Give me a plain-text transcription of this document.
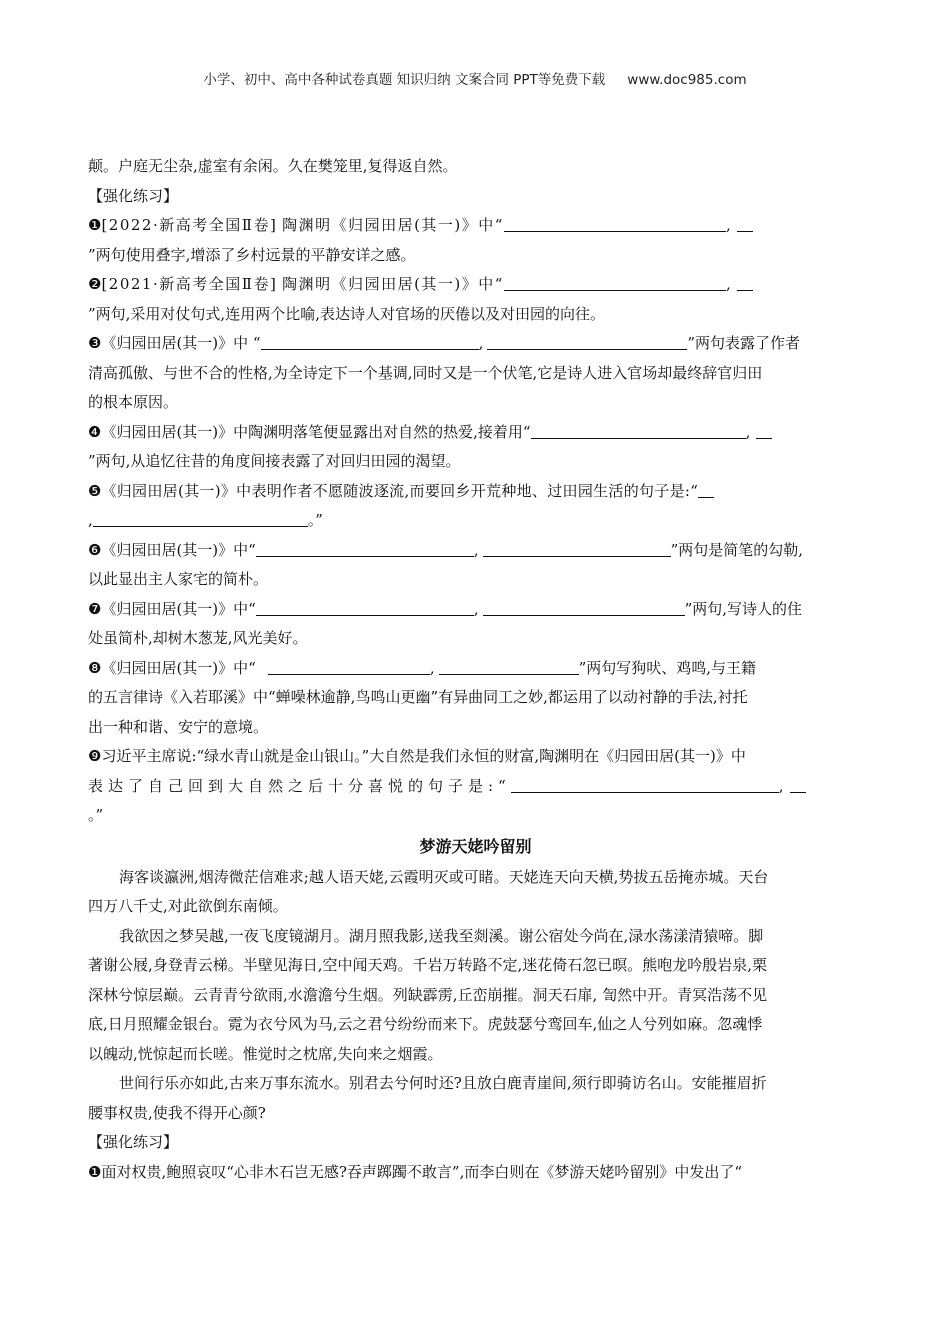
小学、初中、高中各种试卷真题 知识归纳 文案合同 PPT等免费下载 www.doc985.com
颠。户庭无尘杂,虚室有余闲。久在樊笼里,复得返自然。
【强化练习】
❶[2022·新高考全国Ⅱ卷] 陶渊明《归园田居(其一)》中“	,
”两句使用叠字,增添了乡村远景的平静安详之感。
❷[2021·新高考全国Ⅱ卷] 陶渊明《归园田居(其一)》中“	,
”两句,采用对仗句式,连用两个比喻,表达诗人对官场的厌倦以及对田园的向往。
❸《归园田居(其一)》中 “	,	”两句表露了作者
清高孤傲、与世不合的性格,为全诗定下一个基调,同时又是一个伏笔,它是诗人进入官场却最终辞官归田
的根本原因。
❹《归园田居(其一)》中陶渊明落笔便显露出对自然的热爱,接着用“	,
”两句,从追忆往昔的角度间接表露了对回归田园的渴望。
❺《归园田居(其一)》中表明作者不愿随波逐流,而要回乡开荒种地、过田园生活的句子是:“
,	。”
❻《归园田居(其一)》中“	,	”两句是简笔的勾勒,
以此显出主人家宅的简朴。
❼《归园田居(其一)》中“	,	”两句,写诗人的住
处虽简朴,却树木葱茏,风光美好。
❽《归园田居(其一)》中“	,	”两句写狗吠、鸡鸣,与王籍
的五言律诗《入若耶溪》中“蝉噪林逾静,鸟鸣山更幽”有异曲同工之妙,都运用了以动衬静的手法,衬托
出一种和谐、安宁的意境。
❾习近平主席说:“绿水青山就是金山银山。”大自然是我们永恒的财富,陶渊明在《归园田居(其一)》中
表达了自己回到大自然之后十分喜悦的句子是:“	,
。”
梦游天姥吟留别
海客谈瀛洲,烟涛微茫信难求;越人语天姥,云霞明灭或可睹。天姥连天向天横,势拔五岳掩赤城。天台
四万八千丈,对此欲倒东南倾。
我欲因之梦吴越,一夜飞度镜湖月。湖月照我影,送我至剡溪。谢公宿处今尚在,渌水荡漾清猿啼。脚
著谢公屐,身登青云梯。半壁见海日,空中闻天鸡。千岩万转路不定,迷花倚石忽已暝。熊咆龙吟殷岩泉,栗
深林兮惊层巅。云青青兮欲雨,水澹澹兮生烟。列缺霹雳,丘峦崩摧。洞天石扉, 訇然中开。青冥浩荡不见
底,日月照耀金银台。霓为衣兮风为马,云之君兮纷纷而来下。虎鼓瑟兮鸾回车,仙之人兮列如麻。忽魂悸
以魄动,恍惊起而长嗟。惟觉时之枕席,失向来之烟霞。
世间行乐亦如此,古来万事东流水。别君去兮何时还?且放白鹿青崖间,须行即骑访名山。安能摧眉折
腰事权贵,使我不得开心颜?
【强化练习】
❶面对权贵,鲍照哀叹“心非木石岂无感?吞声踯躅不敢言”,而李白则在《梦游天姥吟留别》中发出了“
